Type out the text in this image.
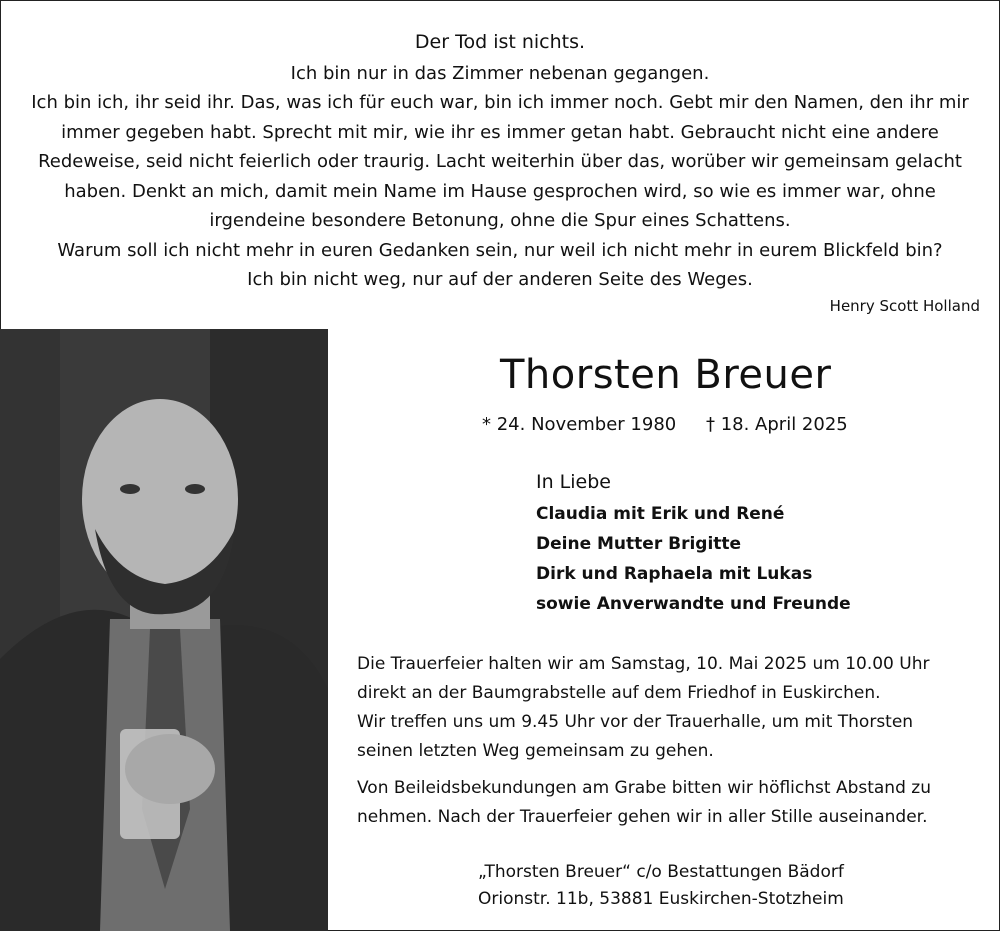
Der Tod ist nichts.
Ich bin nur in das Zimmer nebenan gegangen.
Ich bin ich, ihr seid ihr. Das, was ich für euch war, bin ich immer noch. Gebt mir den Namen, den ihr mir
immer gegeben habt. Sprecht mit mir, wie ihr es immer getan habt. Gebraucht nicht eine andere
Redeweise, seid nicht feierlich oder traurig. Lacht weiterhin über das, worüber wir gemeinsam gelacht
haben. Denkt an mich, damit mein Name im Hause gesprochen wird, so wie es immer war, ohne
irgendeine besondere Betonung, ohne die Spur eines Schattens.
Warum soll ich nicht mehr in euren Gedanken sein, nur weil ich nicht mehr in eurem Blickfeld bin?
Ich bin nicht weg, nur auf der anderen Seite des Weges.
Henry Scott Holland
Thorsten Breuer
* 24. November 1980 † 18. April 2025
In Liebe
Claudia mit Erik und René
Deine Mutter Brigitte
Dirk und Raphaela mit Lukas
sowie Anverwandte und Freunde
Die Trauerfeier halten wir am Samstag, 10. Mai 2025 um 10.00 Uhr
direkt an der Baumgrabstelle auf dem Friedhof in Euskirchen.
Wir treffen uns um 9.45 Uhr vor der Trauerhalle, um mit Thorsten
seinen letzten Weg gemeinsam zu gehen.
Von Beileidsbekundungen am Grabe bitten wir höflichst Abstand zu
nehmen. Nach der Trauerfeier gehen wir in aller Stille auseinander.
„Thorsten Breuer“ c/o Bestattungen Bädorf
Orionstr. 11b, 53881 Euskirchen-Stotzheim
